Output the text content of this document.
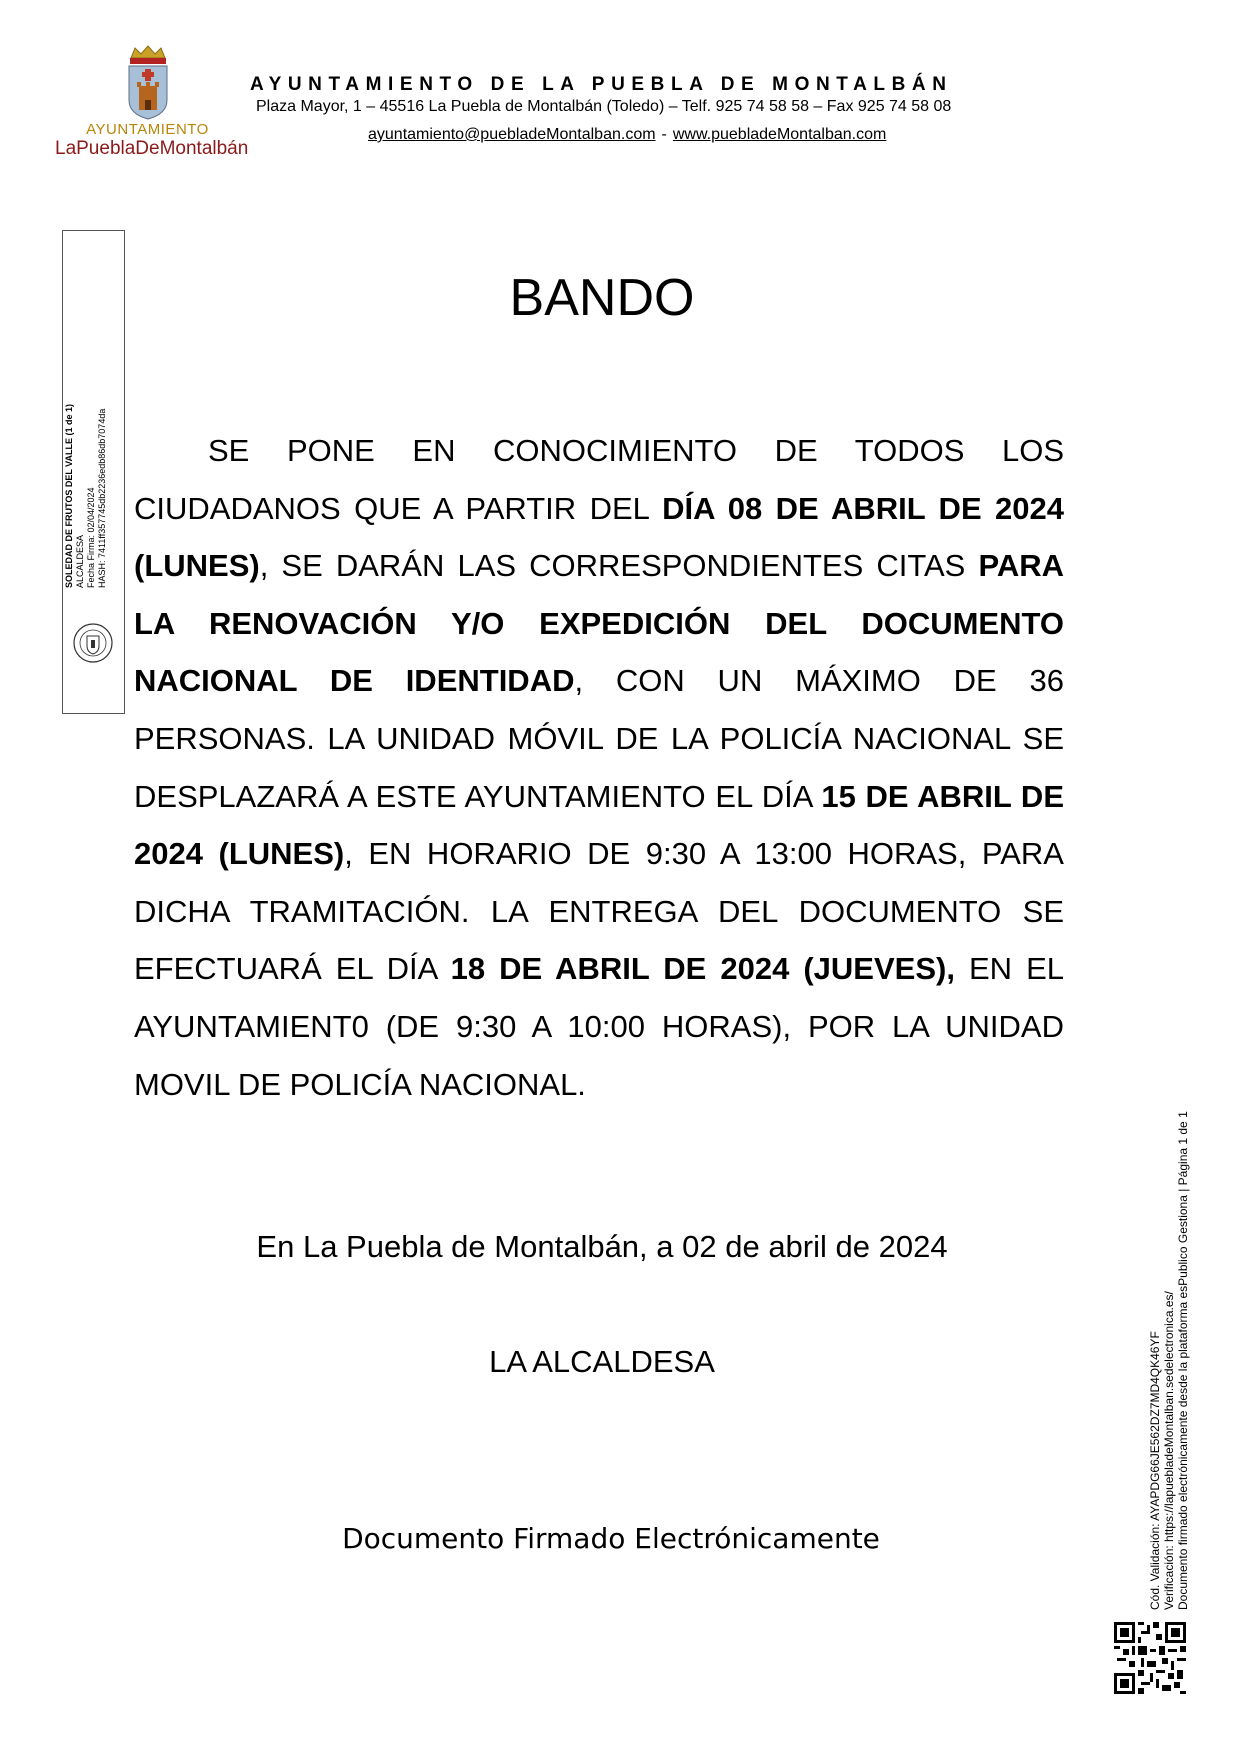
AYUNTAMIENTO
LaPueblaDeMontalbán
AYUNTAMIENTO DE LA PUEBLA DE MONTALBÁN
Plaza Mayor, 1 – 45516 La Puebla de Montalbán (Toledo) – Telf. 925 74 58 58 – Fax 925 74 58 08
ayuntamiento@puebladeMontalban.com - www.puebladeMontalban.com
SOLEDAD DE FRUTOS DEL VALLE (1 de 1) ALCALDESA Fecha Firma: 02/04/2024 HASH: 7411ff357745db2236edb86db7074da
BANDO

SE PONE EN CONOCIMIENTO DE TODOS LOS CIUDADANOS QUE A PARTIR DEL DÍA 08 DE ABRIL DE 2024 (LUNES), SE DARÁN LAS CORRESPONDIENTES CITAS PARA LA RENOVACIÓN Y/O EXPEDICIÓN DEL DOCUMENTO NACIONAL DE IDENTIDAD, CON UN MÁXIMO DE 36 PERSONAS. LA UNIDAD MÓVIL DE LA POLICÍA NACIONAL SE DESPLAZARÁ A ESTE AYUNTAMIENTO EL DÍA 15 DE ABRIL DE 2024 (LUNES), EN HORARIO DE 9:30 A 13:00 HORAS, PARA DICHA TRAMITACIÓN. LA ENTREGA DEL DOCUMENTO SE EFECTUARÁ EL DÍA 18 DE ABRIL DE 2024 (JUEVES), EN EL AYUNTAMIENT0 (DE 9:30 A 10:00 HORAS), POR LA UNIDAD MOVIL DE POLICÍA NACIONAL.

En La Puebla de Montalbán, a 02 de abril de 2024
LA ALCALDESA
Documento Firmado Electrónicamente	Cód. Validación: AYAPDG66JE562DZ7MD4QK46YF Verificación: https://lapuebladeMontalban.sedelectronica.es/ Documento firmado electrónicamente desde la plataforma esPublico Gestiona | Página 1 de 1
